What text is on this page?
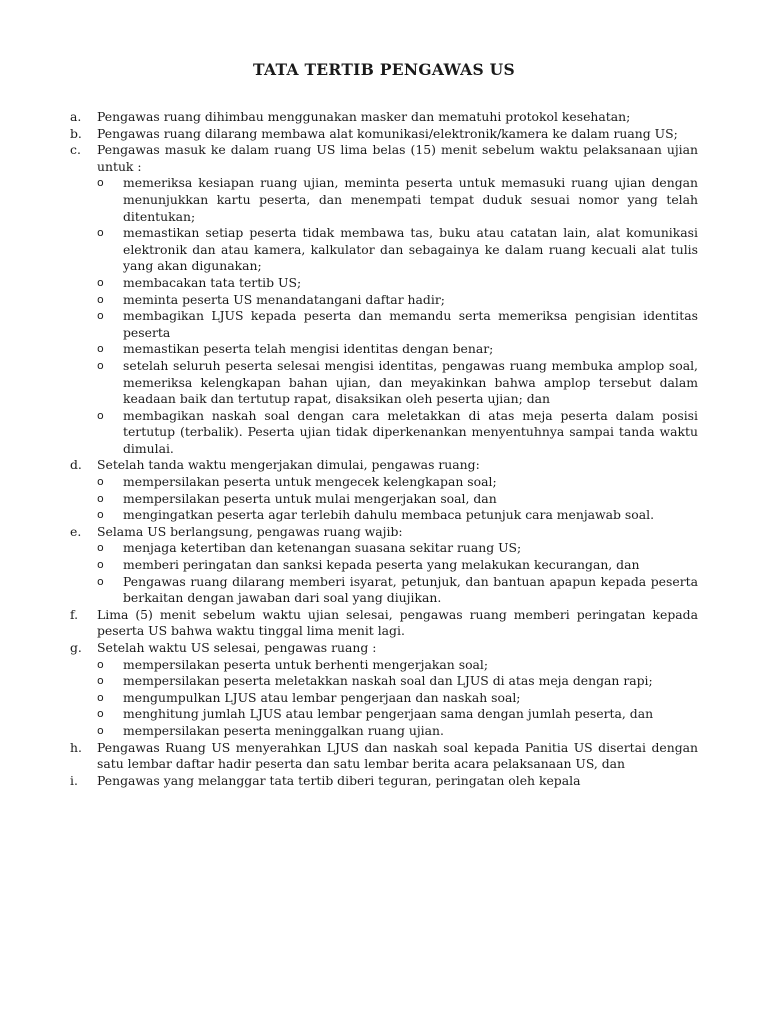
TATA TERTIB PENGAWAS US
a.	Pengawas ruang dihimbau menggunakan masker dan mematuhi protokol kesehatan;
b.	Pengawas ruang dilarang membawa alat komunikasi/elektronik/kamera ke dalam ruang US;
c.	Pengawas masuk ke dalam ruang US lima belas (15) menit sebelum waktu pelaksanaan ujian untuk :
o	memeriksa kesiapan ruang ujian, meminta peserta untuk memasuki ruang ujian dengan menunjukkan kartu peserta, dan menempati tempat duduk sesuai nomor yang telah ditentukan;
o	memastikan setiap peserta tidak membawa tas, buku atau catatan lain, alat komunikasi elektronik dan atau kamera, kalkulator dan sebagainya ke dalam ruang kecuali alat tulis yang akan digunakan;
o	membacakan tata tertib US;
o	meminta peserta US menandatangani daftar hadir;
o	membagikan LJUS kepada peserta dan memandu serta memeriksa pengisian identitas peserta
o	memastikan peserta telah mengisi identitas dengan benar;
o	setelah seluruh peserta selesai mengisi identitas, pengawas ruang membuka amplop soal, memeriksa kelengkapan bahan ujian, dan meyakinkan bahwa amplop tersebut dalam keadaan baik dan tertutup rapat, disaksikan oleh peserta ujian; dan
o	membagikan naskah soal dengan cara meletakkan di atas meja peserta dalam posisi tertutup (terbalik). Peserta ujian tidak diperkenankan menyentuhnya sampai tanda waktu dimulai.
d.	Setelah tanda waktu mengerjakan dimulai, pengawas ruang:
o	mempersilakan peserta untuk mengecek kelengkapan soal;
o	mempersilakan peserta untuk mulai mengerjakan soal, dan
o	mengingatkan peserta agar terlebih dahulu membaca petunjuk cara menjawab soal.
e.	Selama US berlangsung, pengawas ruang wajib:
o	menjaga ketertiban dan ketenangan suasana sekitar ruang US;
o	memberi peringatan dan sanksi kepada peserta yang melakukan kecurangan, dan
o	Pengawas ruang dilarang memberi isyarat, petunjuk, dan bantuan apapun kepada peserta berkaitan dengan jawaban dari soal yang diujikan.
f.	Lima (5) menit sebelum waktu ujian selesai, pengawas ruang memberi peringatan kepada peserta US bahwa waktu tinggal lima menit lagi.
g.	Setelah waktu US selesai, pengawas ruang :
o	mempersilakan peserta untuk berhenti mengerjakan soal;
o	mempersilakan peserta meletakkan naskah soal dan LJUS di atas meja dengan rapi;
o	mengumpulkan LJUS atau lembar pengerjaan dan naskah soal;
o	menghitung jumlah LJUS atau lembar pengerjaan sama dengan jumlah peserta, dan
o	mempersilakan peserta meninggalkan ruang ujian.
h.	Pengawas Ruang US menyerahkan LJUS dan naskah soal kepada Panitia US disertai dengan satu lembar daftar hadir peserta dan satu lembar berita acara pelaksanaan US, dan
i.	Pengawas yang melanggar tata tertib diberi teguran, peringatan oleh kepala
